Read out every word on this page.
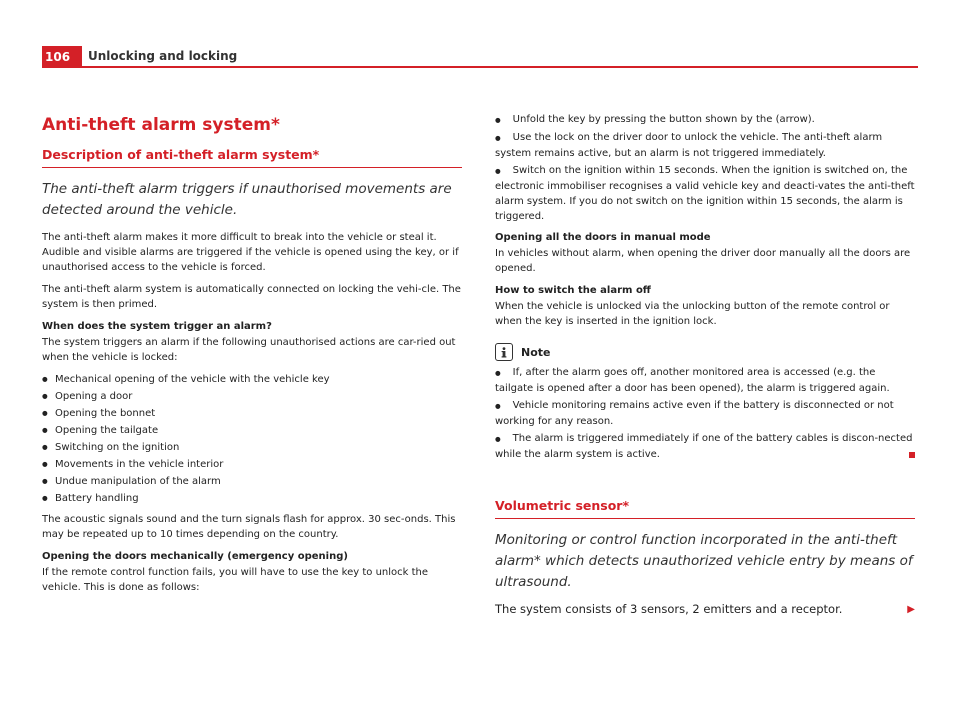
106	Unlocking and locking
Anti-theft alarm system*
Description of anti-theft alarm system*
The anti-theft alarm triggers if unauthorised movements are detected around the vehicle.

The anti-theft alarm makes it more difficult to break into the vehicle or steal it. Audible and visible alarms are triggered if the vehicle is opened using the key, or if unauthorised access to the vehicle is forced.

The anti-theft alarm system is automatically connected on locking the vehi-cle. The system is then primed.

When does the system trigger an alarm?

The system triggers an alarm if the following unauthorised actions are car-ried out when the vehicle is locked:

● Mechanical opening of the vehicle with the vehicle key
● Opening a door
● Opening the bonnet
● Opening the tailgate
● Switching on the ignition
● Movements in the vehicle interior
● Undue manipulation of the alarm
● Battery handling

The acoustic signals sound and the turn signals flash for approx. 30 sec-onds. This may be repeated up to 10 times depending on the country.

Opening the doors mechanically (emergency opening)

If the remote control function fails, you will have to use the key to unlock the vehicle. This is done as follows:

● Unfold the key by pressing the button shown by the (arrow).
● Use the lock on the driver door to unlock the vehicle. The anti-theft alarm system remains active, but an alarm is not triggered immediately.
● Switch on the ignition within 15 seconds. When the ignition is switched on, the electronic immobiliser recognises a valid vehicle key and deacti-vates the anti-theft alarm system. If you do not switch on the ignition within 15 seconds, the alarm is triggered.

Opening all the doors in manual mode

In vehicles without alarm, when opening the driver door manually all the doors are opened.

How to switch the alarm off

When the vehicle is unlocked via the unlocking button of the remote control or when the key is inserted in the ignition lock.

Note
● If, after the alarm goes off, another monitored area is accessed (e.g. the tailgate is opened after a door has been opened), the alarm is triggered again.
● Vehicle monitoring remains active even if the battery is disconnected or not working for any reason.
● The alarm is triggered immediately if one of the battery cables is discon-nected while the alarm system is active.
Volumetric sensor*
Monitoring or control function incorporated in the anti-theft alarm* which detects unauthorized vehicle entry by means of ultrasound.

The system consists of 3 sensors, 2 emitters and a receptor.	▶
